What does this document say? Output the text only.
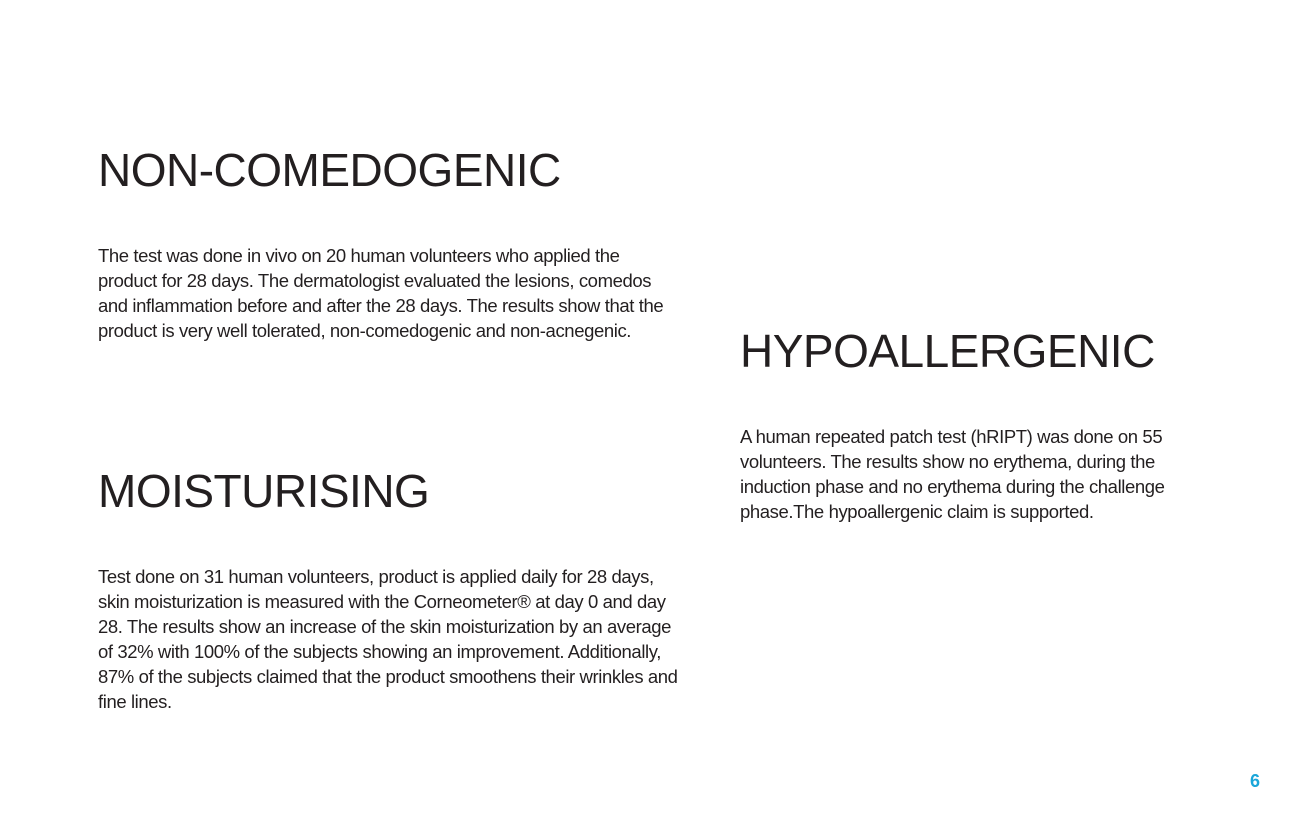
NON-COMEDOGENIC

The test was done in vivo on 20 human volunteers who applied the product for 28 days. The dermatologist evaluated the lesions, comedos and inflammation before and after the 28 days. The results show that the product is very well tolerated, non-comedogenic and non-acnegenic.

MOISTURISING

Test done on 31 human volunteers, product is applied daily for 28 days, skin moisturization is measured with the Corneometer® at day 0 and day 28. The results show an increase of the skin moisturization by an average of 32% with 100% of the subjects showing an improvement. Additionally, 87% of the subjects claimed that the product smoothens their wrinkles and fine lines.

HYPOALLERGENIC

A human repeated patch test (hRIPT) was done on 55 volunteers. The results show no erythema, during the induction phase and no erythema during the challenge phase.The hypoallergenic claim is supported.

6
